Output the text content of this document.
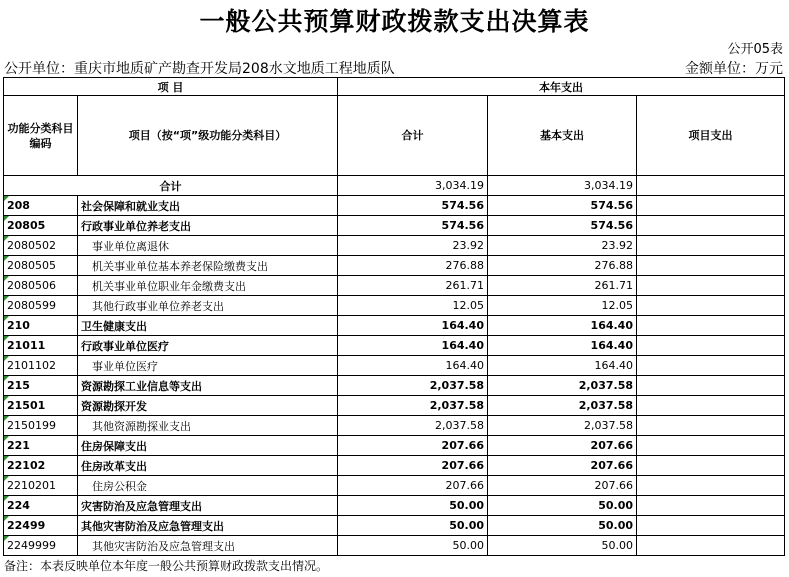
一般公共预算财政拨款支出决算表
公开05表
公开单位：重庆市地质矿产勘查开发局208水文地质工程地质队	金额单位：万元
项 目		本年支出		
功能分类科目编码	项目（按“项”级功能分类科目）	合计	基本支出	项目支出
合计		3,034.19	3,034.19	
208	社会保障和就业支出	574.56	574.56	
20805	行政事业单位养老支出	574.56	574.56	
2080502	事业单位离退休	23.92	23.92	
2080505	机关事业单位基本养老保险缴费支出	276.88	276.88	
2080506	机关事业单位职业年金缴费支出	261.71	261.71	
2080599	其他行政事业单位养老支出	12.05	12.05	
210	卫生健康支出	164.40	164.40	
21011	行政事业单位医疗	164.40	164.40	
2101102	事业单位医疗	164.40	164.40	
215	资源勘探工业信息等支出	2,037.58	2,037.58	
21501	资源勘探开发	2,037.58	2,037.58	
2150199	其他资源勘探业支出	2,037.58	2,037.58	
221	住房保障支出	207.66	207.66	
22102	住房改革支出	207.66	207.66	
2210201	住房公积金	207.66	207.66	
224	灾害防治及应急管理支出	50.00	50.00	
22499	其他灾害防治及应急管理支出	50.00	50.00	
2249999	其他灾害防治及应急管理支出	50.00	50.00	
备注：本表反映单位本年度一般公共预算财政拨款支出情况。
